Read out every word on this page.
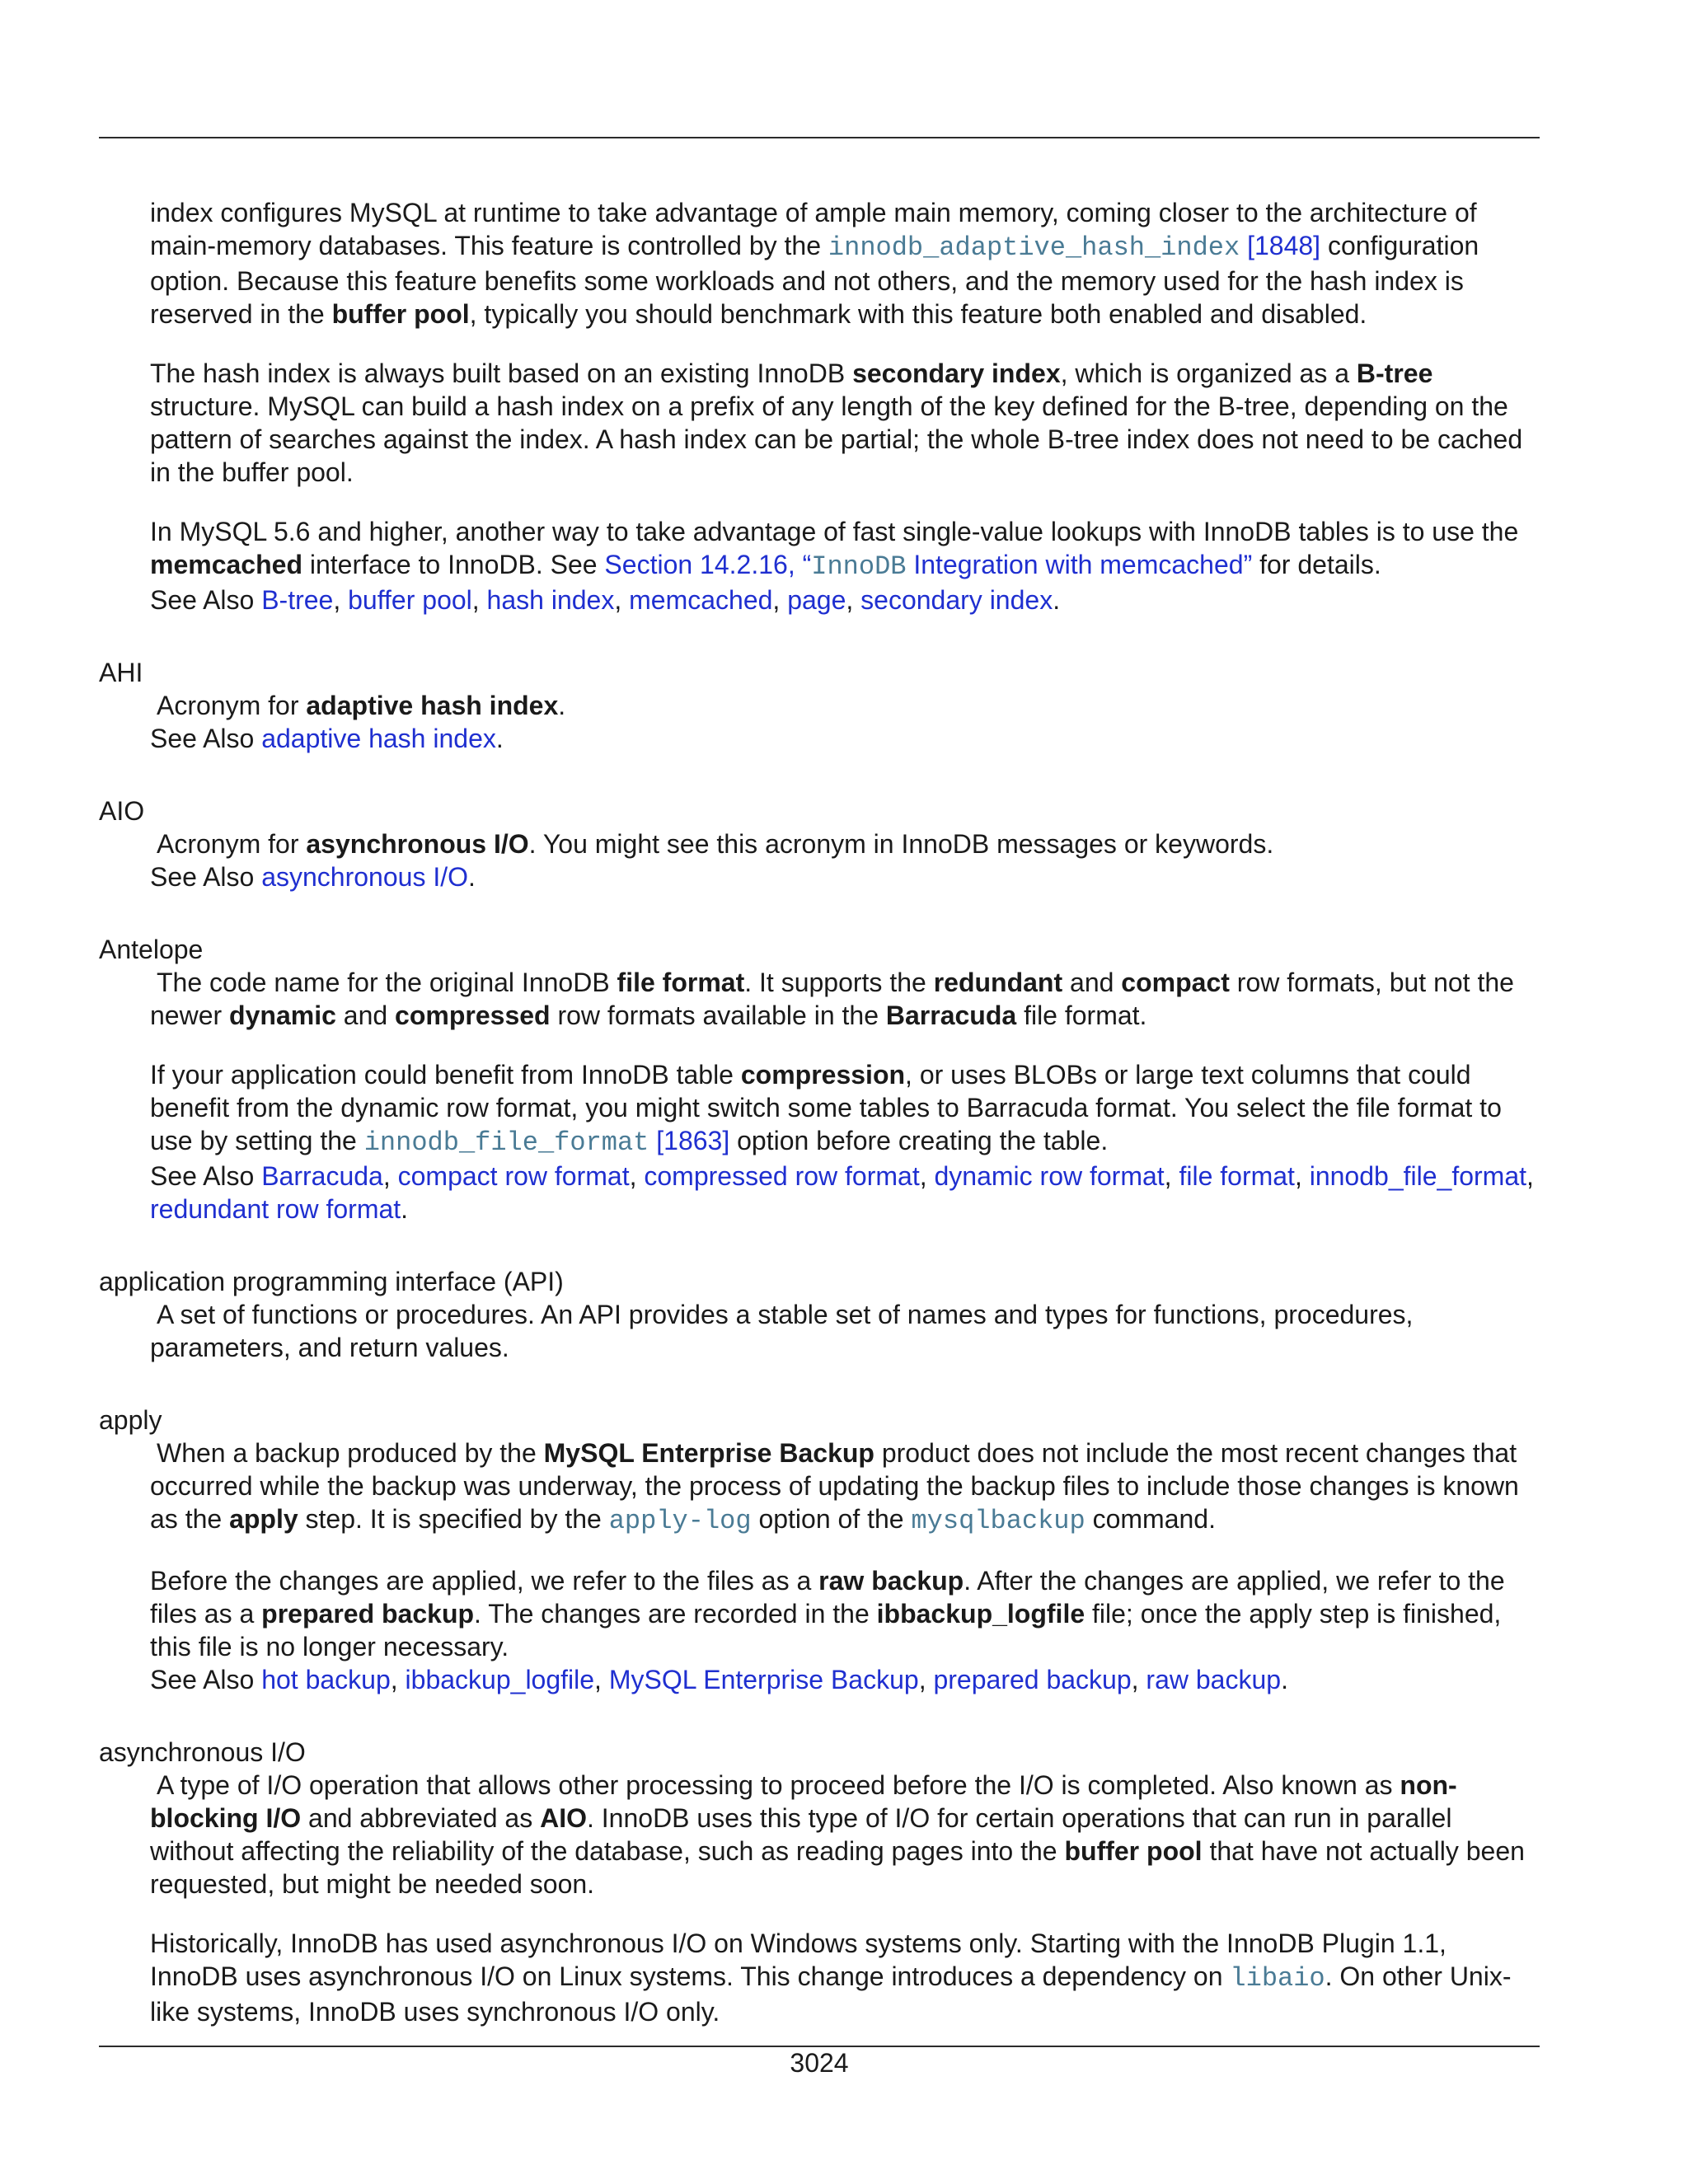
index configures MySQL at runtime to take advantage of ample main memory, coming closer to the architecture of main-memory databases. This feature is controlled by the innodb_adaptive_hash_index [1848] configuration option. Because this feature benefits some workloads and not others, and the memory used for the hash index is reserved in the buffer pool, typically you should benchmark with this feature both enabled and disabled.

The hash index is always built based on an existing InnoDB secondary index, which is organized as a B-tree structure. MySQL can build a hash index on a prefix of any length of the key defined for the B-tree, depending on the pattern of searches against the index. A hash index can be partial; the whole B-tree index does not need to be cached in the buffer pool.

In MySQL 5.6 and higher, another way to take advantage of fast single-value lookups with InnoDB tables is to use the memcached interface to InnoDB. See Section 14.2.16, “InnoDB Integration with memcached” for details.

See Also B-tree, buffer pool, hash index, memcached, page, secondary index.

AHI

Acronym for adaptive hash index.

See Also adaptive hash index.

AIO

Acronym for asynchronous I/O. You might see this acronym in InnoDB messages or keywords.

See Also asynchronous I/O.

Antelope

The code name for the original InnoDB file format. It supports the redundant and compact row formats, but not the newer dynamic and compressed row formats available in the Barracuda file format.

If your application could benefit from InnoDB table compression, or uses BLOBs or large text columns that could benefit from the dynamic row format, you might switch some tables to Barracuda format. You select the file format to use by setting the innodb_file_format [1863] option before creating the table.

See Also Barracuda, compact row format, compressed row format, dynamic row format, file format, innodb_file_format, redundant row format.

application programming interface (API)

A set of functions or procedures. An API provides a stable set of names and types for functions, procedures, parameters, and return values.

apply

When a backup produced by the MySQL Enterprise Backup product does not include the most recent changes that occurred while the backup was underway, the process of updating the backup files to include those changes is known as the apply step. It is specified by the apply-log option of the mysqlbackup command.

Before the changes are applied, we refer to the files as a raw backup. After the changes are applied, we refer to the files as a prepared backup. The changes are recorded in the ibbackup_logfile file; once the apply step is finished, this file is no longer necessary.

See Also hot backup, ibbackup_logfile, MySQL Enterprise Backup, prepared backup, raw backup.

asynchronous I/O

A type of I/O operation that allows other processing to proceed before the I/O is completed. Also known as non-blocking I/O and abbreviated as AIO. InnoDB uses this type of I/O for certain operations that can run in parallel without affecting the reliability of the database, such as reading pages into the buffer pool that have not actually been requested, but might be needed soon.

Historically, InnoDB has used asynchronous I/O on Windows systems only. Starting with the InnoDB Plugin 1.1, InnoDB uses asynchronous I/O on Linux systems. This change introduces a dependency on libaio. On other Unix-like systems, InnoDB uses synchronous I/O only.

3024
